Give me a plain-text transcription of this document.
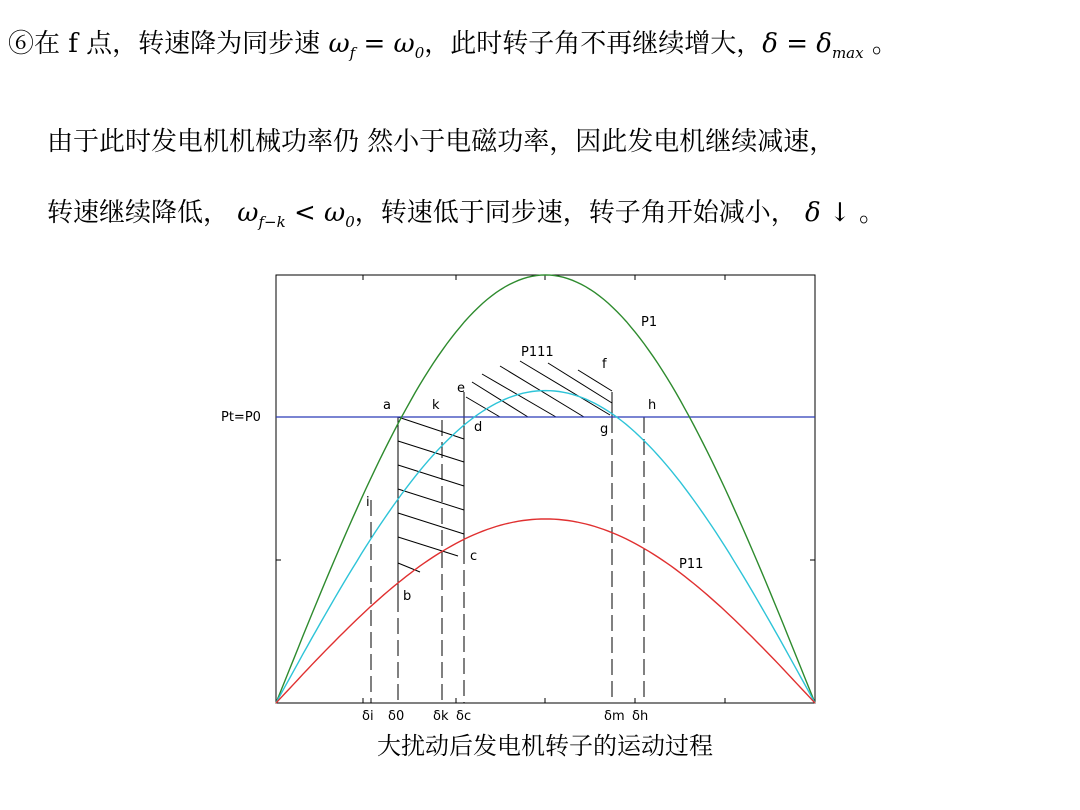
⑥在 f 点，转速降为同步速 $\omega_f = \omega_0$，此时转子角不再继续增大，$\delta = \delta_{max}$ 。
由于此时发电机机械功率仍 然小于电磁功率，因此发电机继续减速，
转速继续降低， $\omega_{f-k} < \omega_0$，转速低于同步速，转子角开始减小， δ ↓ 。
P1
P111
P11
Pt=P0
a	k
e
d
f
g
h
i
c
b
δi δ0 δk δc	δm δh
大扰动后发电机转子的运动过程
